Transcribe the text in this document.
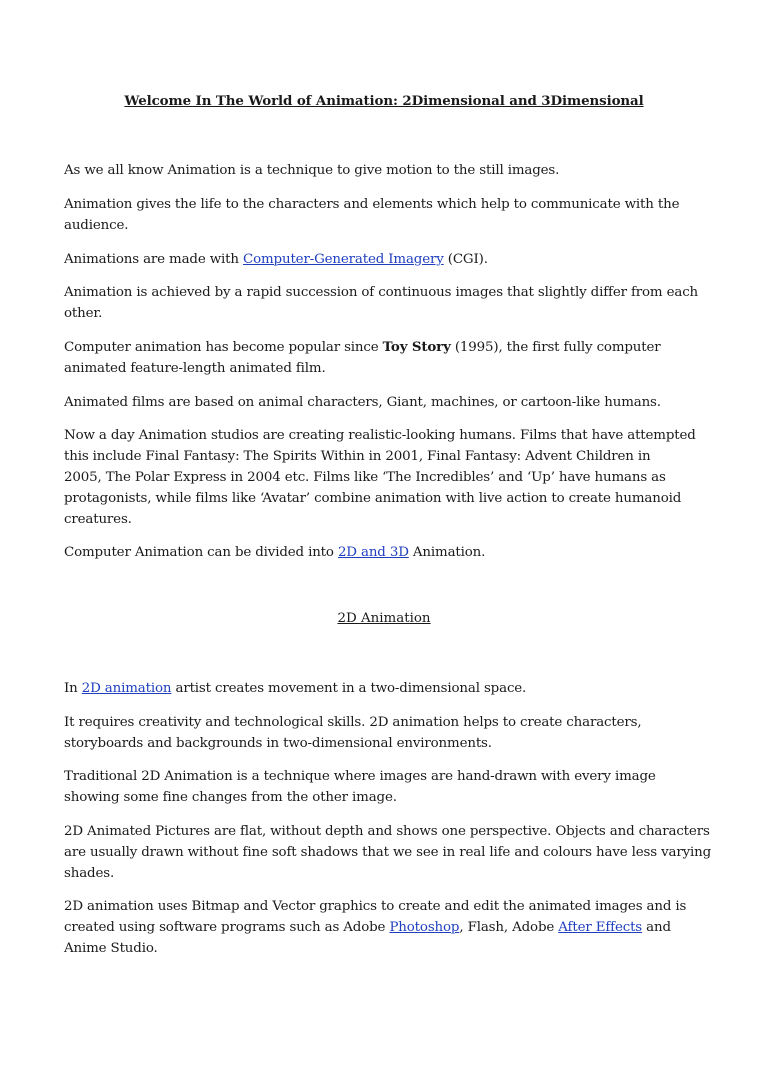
Welcome In The World of Animation: 2Dimensional and 3Dimensional
As we all know Animation is a technique to give motion to the still images.
Animation gives the life to the characters and elements which help to communicate with the audience.
Animations are made with Computer-Generated Imagery (CGI).
Animation is achieved by a rapid succession of continuous images that slightly differ from each other.
Computer animation has become popular since Toy Story (1995), the first fully computer animated feature-length animated film.
Animated films are based on animal characters, Giant, machines, or cartoon-like humans.
Now a day Animation studios are creating realistic-looking humans. Films that have attempted
this include Final Fantasy: The Spirits Within in 2001, Final Fantasy: Advent Children in
2005, The Polar Express in 2004 etc. Films like ‘The Incredibles’ and ‘Up’ have humans as
protagonists, while films like ‘Avatar’ combine animation with live action to create humanoid
creatures.
Computer Animation can be divided into 2D and 3D Animation.
2D Animation
In 2D animation artist creates movement in a two-dimensional space.
It requires creativity and technological skills. 2D animation helps to create characters, storyboards and backgrounds in two-dimensional environments.
Traditional 2D Animation is a technique where images are hand-drawn with every image showing some fine changes from the other image.
2D Animated Pictures are flat, without depth and shows one perspective. Objects and characters are usually drawn without fine soft shadows that we see in real life and colours have less varying shades.
2D animation uses Bitmap and Vector graphics to create and edit the animated images and is created using software programs such as Adobe Photoshop, Flash, Adobe After Effects and Anime Studio.
